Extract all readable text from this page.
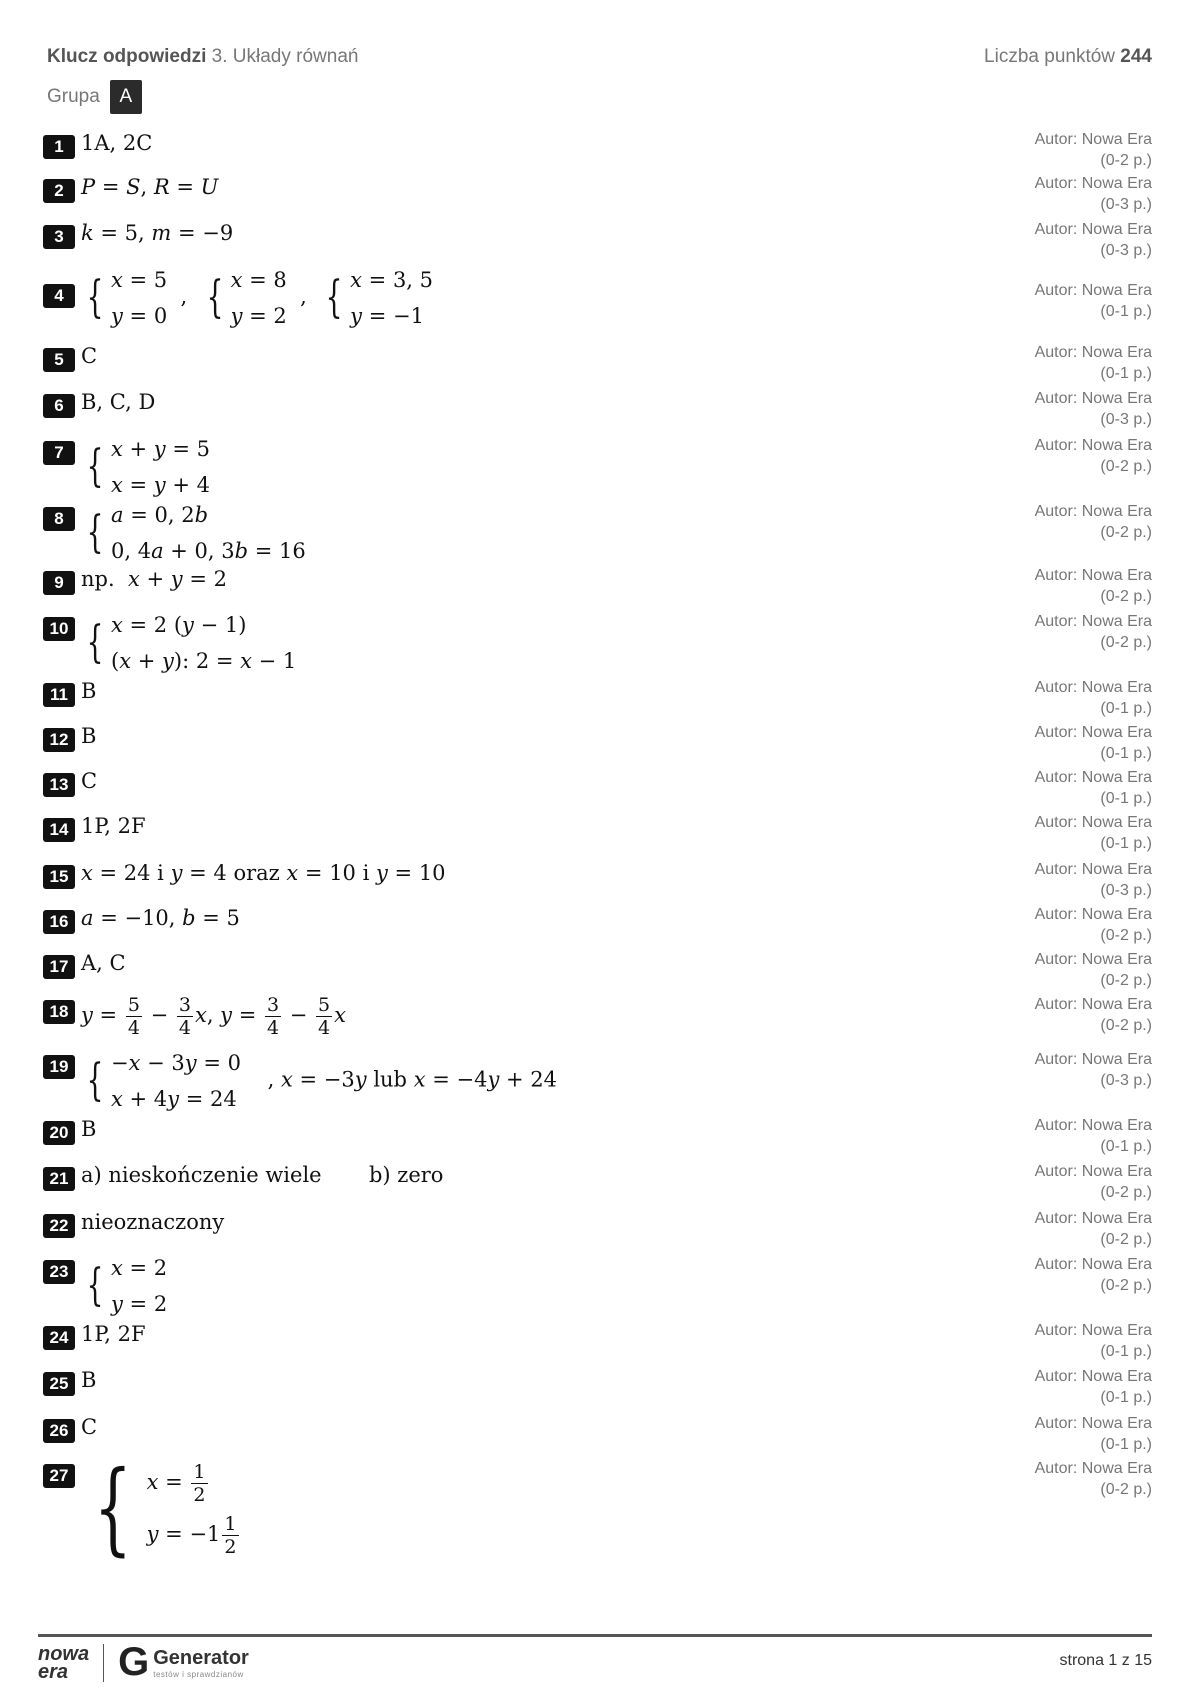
Klucz odpowiedzi 3. Układy równań	Liczba punktów 244
Grupa	A
1 1A, 2C	Autor: Nowa Era
(0-2 p.)
2 P = S, R = U	Autor: Nowa Era
(0-3 p.)
3 k = 5, m = −9	Autor: Nowa Era
(0-3 p.)
4 { x = 5
y = 0
, { x = 8
y = 2
, { x = 3, 5
y = −1
Autor: Nowa Era
(0-1 p.)
5 C	Autor: Nowa Era
(0-1 p.)
6 B, C, D	Autor: Nowa Era
(0-3 p.)
7 { x + y = 5
x = y + 4
Autor: Nowa Era
(0-2 p.)
8 { a = 0, 2b
0, 4a + 0, 3b = 16
Autor: Nowa Era
(0-2 p.)
9 np.  x + y = 2	Autor: Nowa Era
(0-2 p.)
10 { x = 2 (y − 1)
(x + y): 2 = x − 1
Autor: Nowa Era
(0-2 p.)
11 B	Autor: Nowa Era
(0-1 p.)
12 B	Autor: Nowa Era
(0-1 p.)
13 C	Autor: Nowa Era
(0-1 p.)
14 1P, 2F	Autor: Nowa Era
(0-1 p.)
15 x = 24 i y = 4 oraz x = 10 i y = 10	Autor: Nowa Era
(0-3 p.)
16 a = −10, b = 5	Autor: Nowa Era
(0-2 p.)
17 A, C	Autor: Nowa Era
(0-2 p.)
18 $y = \frac{5}{4} - \frac{3}{4} x$, $y = \frac{3}{4} - \frac{5}{4}$ x	Autor: Nowa Era
(0-2 p.)
19 { −x − 3y = 0
x + 4y = 24
, x = −3y lub x = −4y + 24
Autor: Nowa Era
(0-3 p.)
20 B	Autor: Nowa Era
(0-1 p.)
21 a) nieskończenie wiele b) zero	Autor: Nowa Era
(0-2 p.)
22 nieoznaczony	Autor: Nowa Era
(0-2 p.)
23 { x = 2
y = 2
Autor: Nowa Era
(0-2 p.)
24 1P, 2F	Autor: Nowa Era
(0-1 p.)
25 B	Autor: Nowa Era
(0-1 p.)
26 C	Autor: Nowa Era
(0-1 p.)
27 { $x = \frac{1}{2}$
$y = -1 \frac{1}{2}$
Autor: Nowa Era
(0-2 p.)
nowa
era	G Generator
testów i sprawdzianów
strona 1 z 15
